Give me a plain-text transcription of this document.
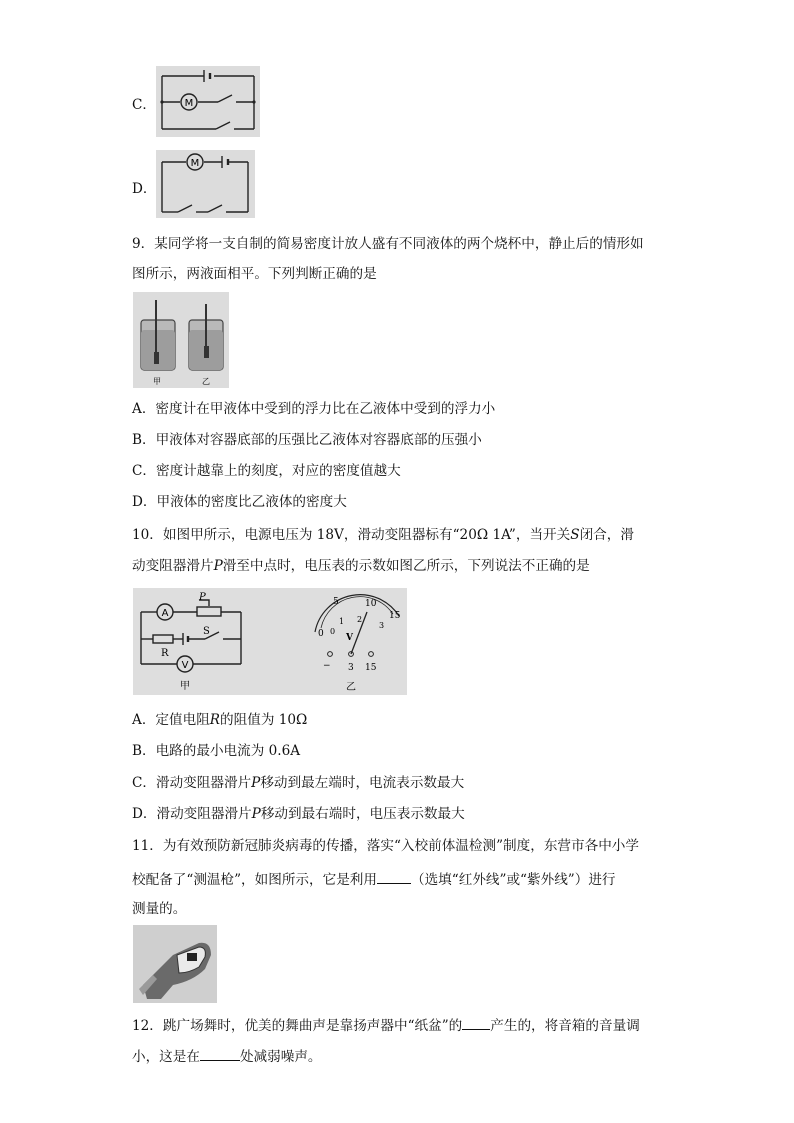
C．	M
D．
M
9．某同学将一支自制的简易密度计放人盛有不同液体的两个烧杯中，静止后的情形如
图所示，两液面相平。下列判断正确的是
甲	乙
A．密度计在甲液体中受到的浮力比在乙液体中受到的浮力小
B．甲液体对容器底部的压强比乙液体对容器底部的压强小
C．密度计越靠上的刻度，对应的密度值越大
D．甲液体的密度比乙液体的密度大
10．如图甲所示，电源电压为 18V，滑动变阻器标有“20Ω 1A”，当开关S闭合，滑
动变阻器滑片P滑至中点时，电压表的示数如图乙所示，下列说法不正确的是
A
V
P
S
R
甲
0
5	10
15
0
1 2
3
V
− 3 15
乙
A．定值电阻R的阻值为 10Ω
B．电路的最小电流为 0.6A
C．滑动变阻器滑片P移动到最左端时，电流表示数最大
D．滑动变阻器滑片P移动到最右端时，电压表示数最大
11．为有效预防新冠肺炎病毒的传播，落实“入校前体温检测”制度，东营市各中小学
校配备了“测温枪”，如图所示，它是利用	（选填“红外线”或“紫外线”）进行
测量的。
12．跳广场舞时，优美的舞曲声是靠扬声器中“纸盆”的 产生的，将音箱的音量调
小，这是在	处减弱噪声。
